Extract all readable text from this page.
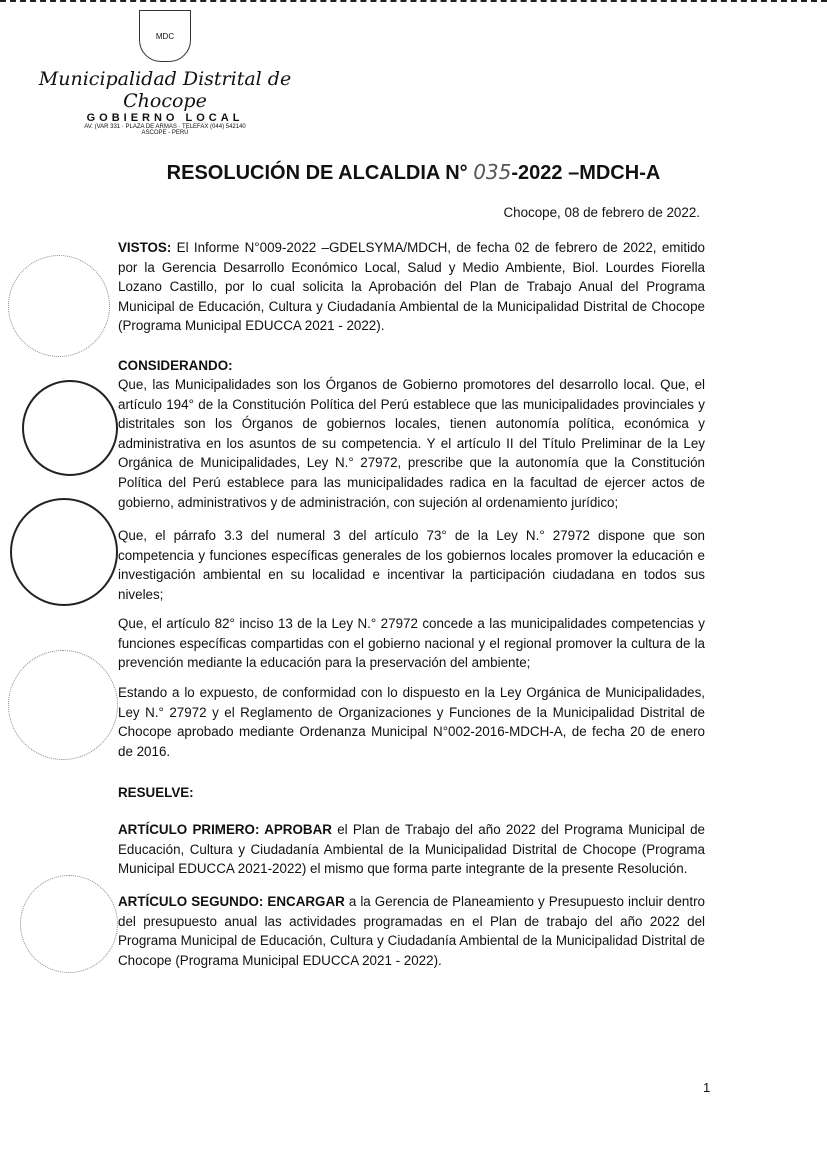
MDC
Municipalidad Distrital de Chocope
GOBIERNO LOCAL
AV. (VAR 331 · PLAZA DE ARMAS · TELEFAX (044) 542140
ASCOPE - PERÚ
RESOLUCIÓN DE ALCALDIA N° 035-2022 –MDCH-A
Chocope, 08 de febrero de 2022.
VISTOS: El Informe N°009-2022 –GDELSYMA/MDCH, de fecha 02 de febrero de 2022, emitido por la Gerencia Desarrollo Económico Local, Salud y Medio Ambiente, Biol. Lourdes Fiorella Lozano Castillo, por lo cual solicita la Aprobación del Plan de Trabajo Anual del Programa Municipal de Educación, Cultura y Ciudadanía Ambiental de la Municipalidad Distrital de Chocope (Programa Municipal EDUCCA 2021 - 2022).
CONSIDERANDO:
Que, las Municipalidades son los Órganos de Gobierno promotores del desarrollo local. Que, el artículo 194° de la Constitución Política del Perú establece que las municipalidades provinciales y distritales son los Órganos de gobiernos locales, tienen autonomía política, económica y administrativa en los asuntos de su competencia. Y el artículo II del Título Preliminar de la Ley Orgánica de Municipalidades, Ley N.° 27972, prescribe que la autonomía que la Constitución Política del Perú establece para las municipalidades radica en la facultad de ejercer actos de gobierno, administrativos y de administración, con sujeción al ordenamiento jurídico;
Que, el párrafo 3.3 del numeral 3 del artículo 73° de la Ley N.° 27972 dispone que son competencia y funciones específicas generales de los gobiernos locales promover la educación e investigación ambiental en su localidad e incentivar la participación ciudadana en todos sus niveles;
Que, el artículo 82° inciso 13 de la Ley N.° 27972 concede a las municipalidades competencias y funciones específicas compartidas con el gobierno nacional y el regional promover la cultura de la prevención mediante la educación para la preservación del ambiente;
Estando a lo expuesto, de conformidad con lo dispuesto en la Ley Orgánica de Municipalidades, Ley N.° 27972 y el Reglamento de Organizaciones y Funciones de la Municipalidad Distrital de Chocope aprobado mediante Ordenanza Municipal N°002-2016-MDCH-A, de fecha 20 de enero de 2016.
RESUELVE:
ARTÍCULO PRIMERO: APROBAR el Plan de Trabajo del año 2022 del Programa Municipal de Educación, Cultura y Ciudadanía Ambiental de la Municipalidad Distrital de Chocope (Programa Municipal EDUCCA 2021-2022) el mismo que forma parte integrante de la presente Resolución.
ARTÍCULO SEGUNDO: ENCARGAR a la Gerencia de Planeamiento y Presupuesto incluir dentro del presupuesto anual las actividades programadas en el Plan de trabajo del año 2022 del Programa Municipal de Educación, Cultura y Ciudadanía Ambiental de la Municipalidad Distrital de Chocope (Programa Municipal EDUCCA 2021 - 2022).
1
